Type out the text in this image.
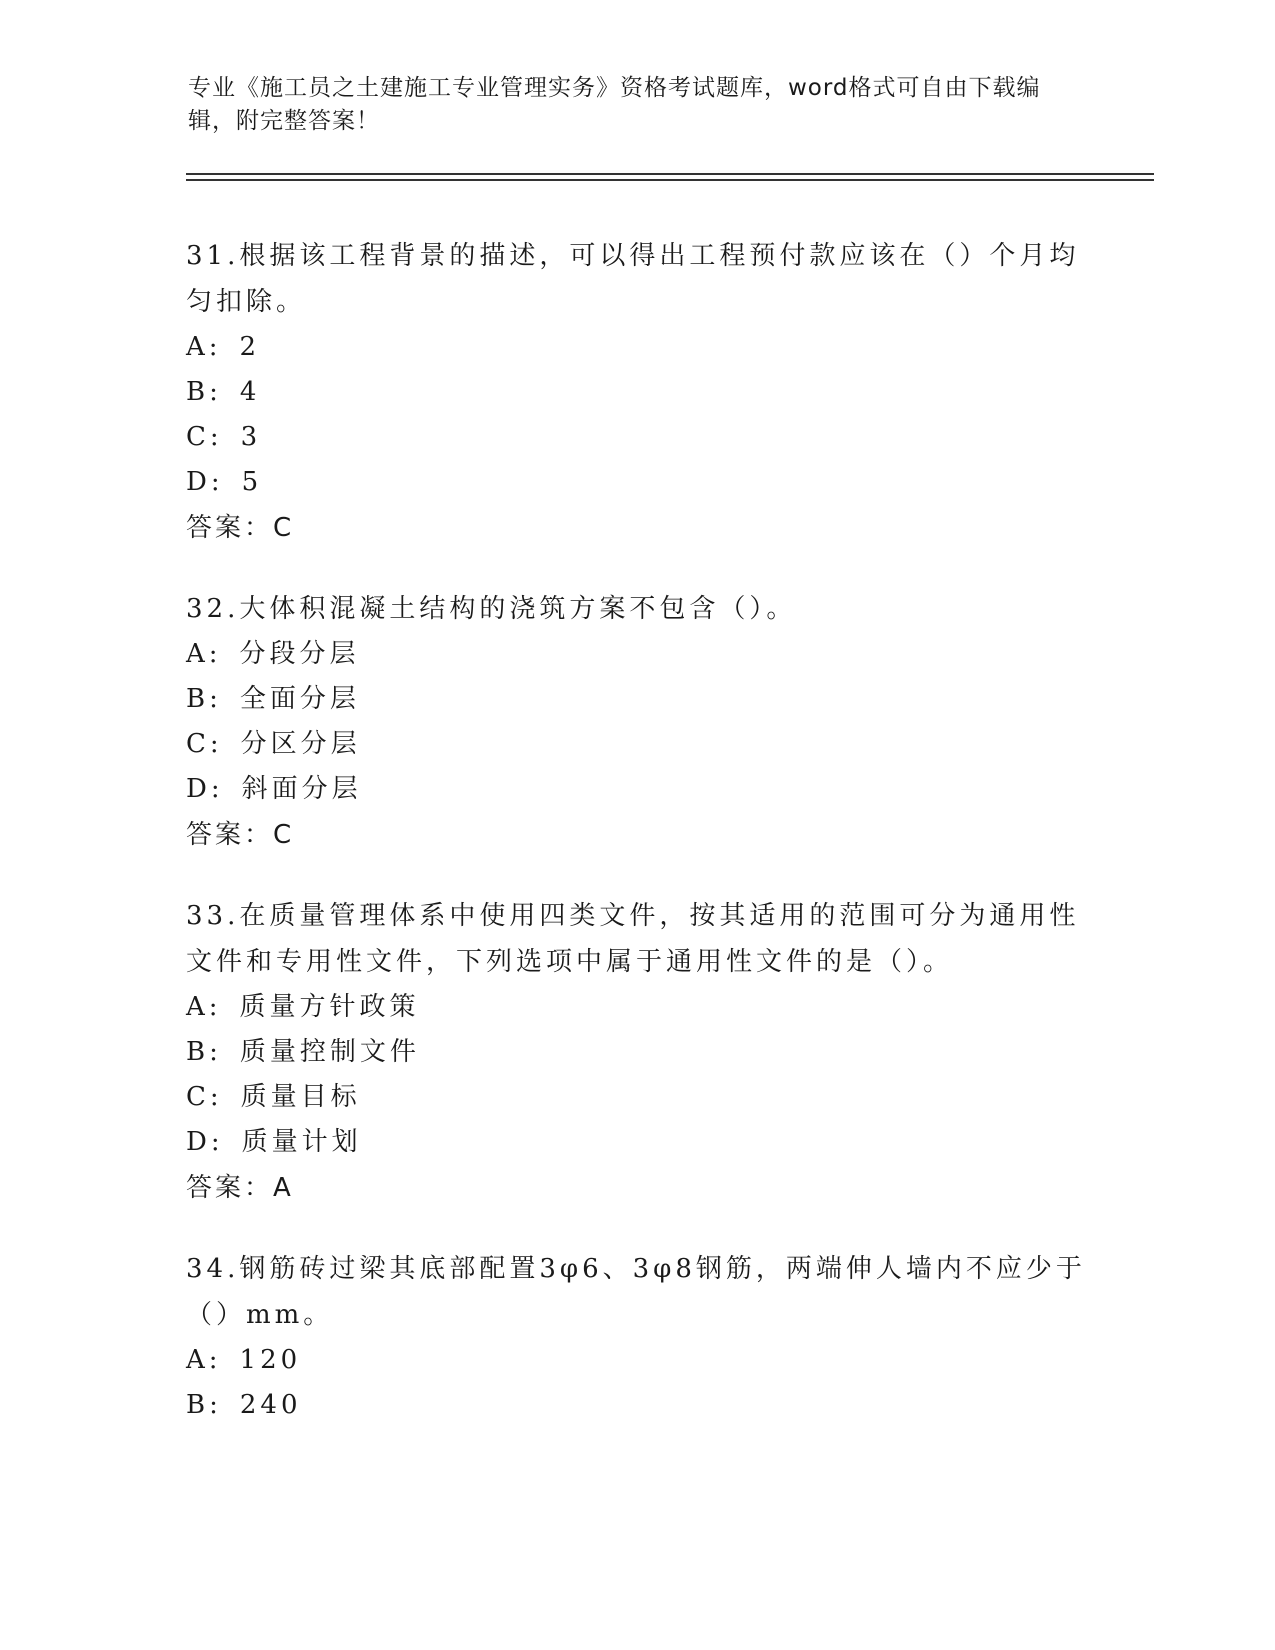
专业《施工员之土建施工专业管理实务》资格考试题库，word格式可自由下载编辑，附完整答案！

31.根据该工程背景的描述，可以得出工程预付款应该在（）个月均匀扣除。

A: 2

B: 4

C: 3

D: 5

答案：C

32.大体积混凝土结构的浇筑方案不包含（）。

A: 分段分层

B: 全面分层

C: 分区分层

D: 斜面分层

答案：C

33.在质量管理体系中使用四类文件，按其适用的范围可分为通用性文件和专用性文件，下列选项中属于通用性文件的是（）。

A: 质量方针政策

B: 质量控制文件

C: 质量目标

D: 质量计划

答案：A

34.钢筋砖过梁其底部配置3φ6、3φ8钢筋，两端伸人墙内不应少于（）mm。

A: 120

B: 240
